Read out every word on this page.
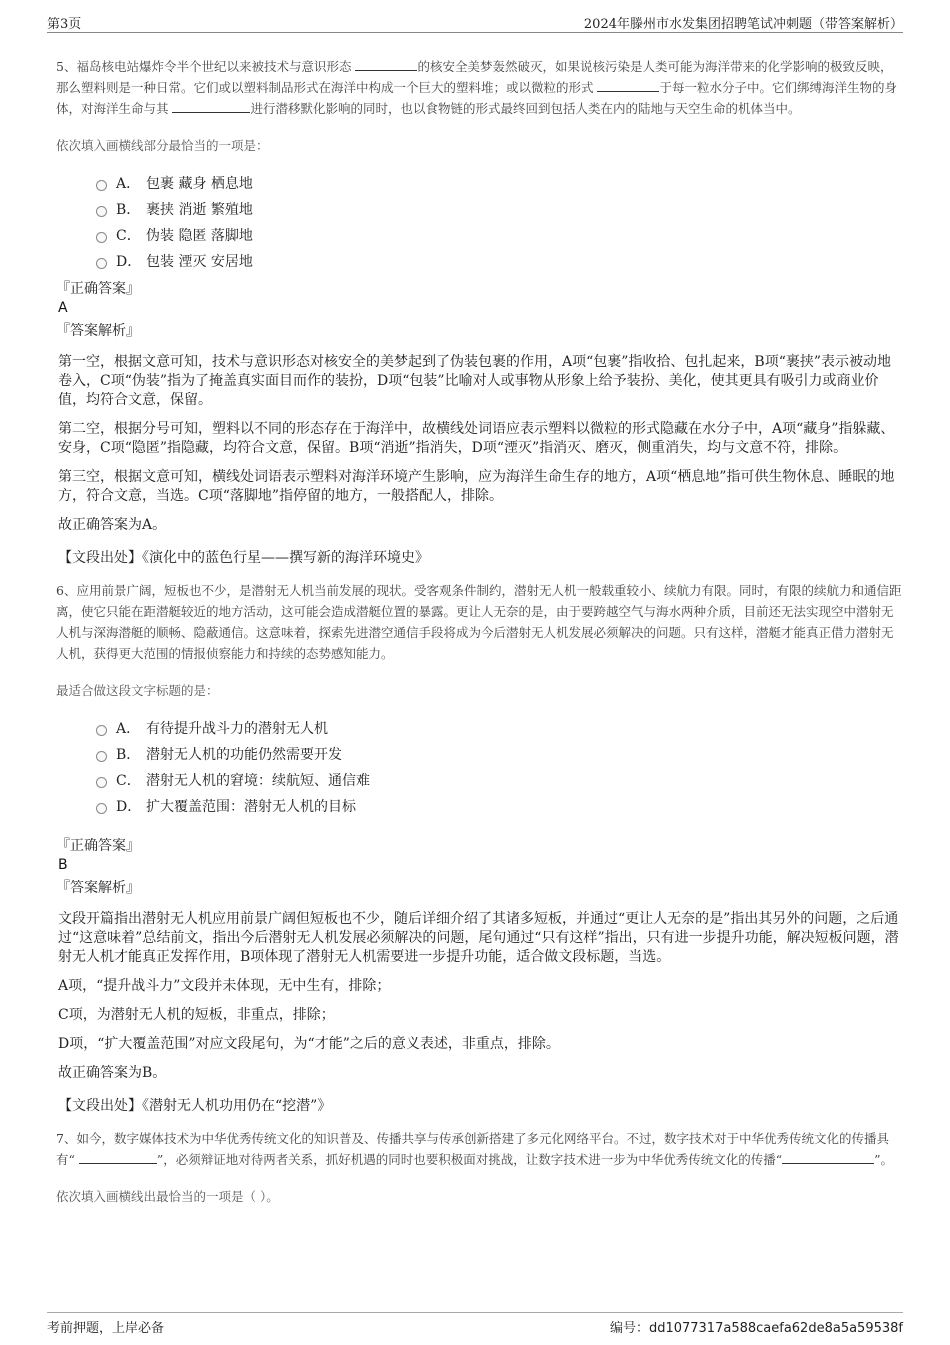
第3页	2024年滕州市水发集团招聘笔试冲刺题（带答案解析）

5、福岛核电站爆炸令半个世纪以来被技术与意识形态	的核安全美梦轰然破灭，如果说核污染是人类可能为海洋带来的化学影响的极致反映，那么塑料则是一种日常。它们或以塑料制品形式在海洋中构成一个巨大的塑料堆；或以微粒的形式	于每一粒水分子中。它们绑缚海洋生物的身体，对海洋生命与其	进行潜移默化影响的同时，也以食物链的形式最终回到包括人类在内的陆地与天空生命的机体当中。

依次填入画横线部分最恰当的一项是：
A． 包裹 藏身 栖息地
B． 裹挟 消逝 繁殖地
C． 伪装 隐匿 落脚地
D． 包装 湮灭 安居地
『正确答案』
A
『答案解析』

第一空，根据文意可知，技术与意识形态对核安全的美梦起到了伪装包裹的作用，A项“包裹”指收拾、包扎起来，B项“裹挟”表示被动地卷入，C项“伪装”指为了掩盖真实面目而作的装扮，D项“包装”比喻对人或事物从形象上给予装扮、美化，使其更具有吸引力或商业价值，均符合文意，保留。

第二空，根据分号可知，塑料以不同的形态存在于海洋中，故横线处词语应表示塑料以微粒的形式隐藏在水分子中，A项“藏身”指躲藏、安身，C项“隐匿”指隐藏，均符合文意，保留。B项“消逝”指消失，D项“湮灭”指消灭、磨灭，侧重消失，均与文意不符，排除。

第三空，根据文意可知，横线处词语表示塑料对海洋环境产生影响，应为海洋生命生存的地方，A项“栖息地”指可供生物休息、睡眠的地方，符合文意，当选。C项“落脚地”指停留的地方，一般搭配人，排除。

故正确答案为A。

【文段出处】《演化中的蓝色行星——撰写新的海洋环境史》

6、应用前景广阔，短板也不少，是潜射无人机当前发展的现状。受客观条件制约，潜射无人机一般载重较小、续航力有限。同时，有限的续航力和通信距离，使它只能在距潜艇较近的地方活动，这可能会造成潜艇位置的暴露。更让人无奈的是，由于要跨越空气与海水两种介质，目前还无法实现空中潜射无人机与深海潜艇的顺畅、隐蔽通信。这意味着，探索先进潜空通信手段将成为今后潜射无人机发展必须解决的问题。只有这样，潜艇才能真正借力潜射无人机，获得更大范围的情报侦察能力和持续的态势感知能力。

最适合做这段文字标题的是：
A． 有待提升战斗力的潜射无人机
B． 潜射无人机的功能仍然需要开发
C． 潜射无人机的窘境：续航短、通信难
D． 扩大覆盖范围：潜射无人机的目标
『正确答案』
B
『答案解析』

文段开篇指出潜射无人机应用前景广阔但短板也不少，随后详细介绍了其诸多短板，并通过“更让人无奈的是”指出其另外的问题，之后通过“这意味着”总结前文，指出今后潜射无人机发展必须解决的问题，尾句通过“只有这样”指出，只有进一步提升功能，解决短板问题，潜射无人机才能真正发挥作用，B项体现了潜射无人机需要进一步提升功能，适合做文段标题，当选。

A项，“提升战斗力”文段并未体现，无中生有，排除；

C项，为潜射无人机的短板，非重点，排除；

D项，“扩大覆盖范围”对应文段尾句，为“才能”之后的意义表述，非重点，排除。

故正确答案为B。

【文段出处】《潜射无人机功用仍在“挖潜”》

7、如今，数字媒体技术为中华优秀传统文化的知识普及、传播共享与传承创新搭建了多元化网络平台。不过，数字技术对于中华优秀传统文化的传播具有“	”，必须辩证地对待两者关系，抓好机遇的同时也要积极面对挑战，让数字技术进一步为中华优秀传统文化的传播“	”。

依次填入画横线出最恰当的一项是（ ）。
考前押题，上岸必备	编号：dd1077317a588caefa62de8a5a59538f
